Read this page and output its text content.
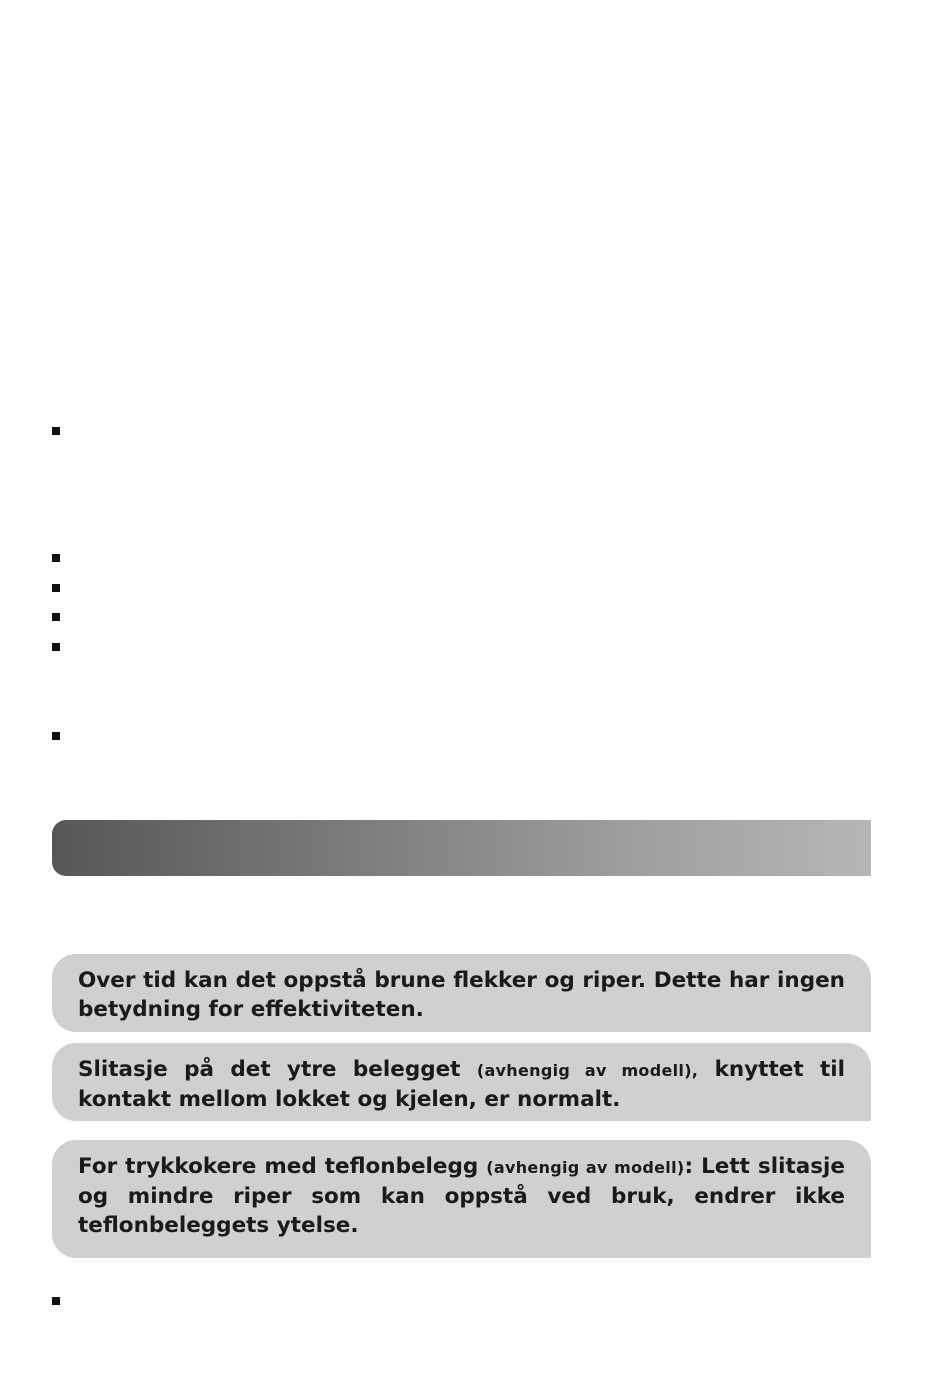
Over tid kan det oppstå brune flekker og riper. Dette har ingen betydning for effektiviteten.

Slitasje på det ytre belegget (avhengig av modell), knyttet til kontakt mellom lokket og kjelen, er normalt.

For trykkokere med teflonbelegg (avhengig av modell): Lett slitasje og mindre riper som kan oppstå ved bruk, endrer ikke teflonbeleggets ytelse.
